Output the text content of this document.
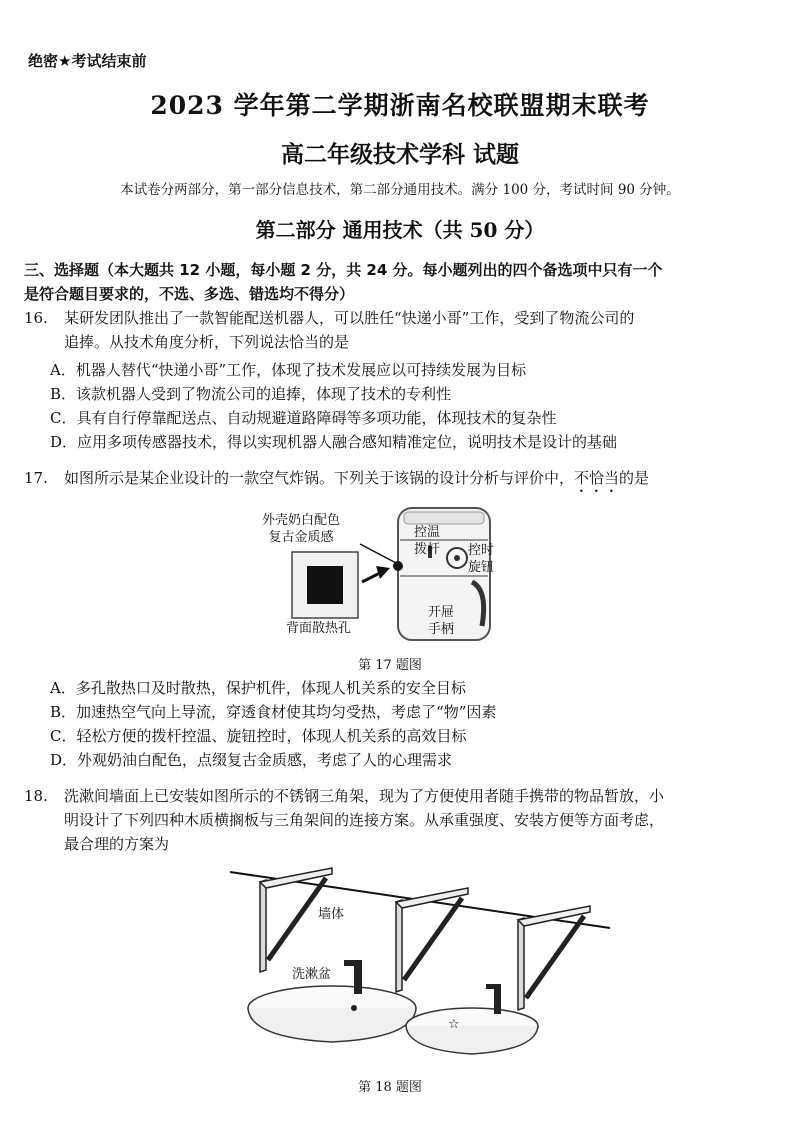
绝密★考试结束前
2023 学年第二学期浙南名校联盟期末联考
高二年级技术学科 试题
本试卷分两部分，第一部分信息技术，第二部分通用技术。满分 100 分，考试时间 90 分钟。
第二部分 通用技术（共 50 分）
三、选择题（本大题共 12 小题，每小题 2 分，共 24 分。每小题列出的四个备选项中只有一个
是符合题目要求的，不选、多选、错选均不得分）
16. 某研发团队推出了一款智能配送机器人，可以胜任“快递小哥”工作，受到了物流公司的
追捧。从技术角度分析，下列说法恰当的是
A．机器人替代“快递小哥”工作，体现了技术发展应以可持续发展为目标
B．该款机器人受到了物流公司的追捧，体现了技术的专利性
C．具有自行停靠配送点、自动规避道路障碍等多项功能，体现技术的复杂性
D．应用多项传感器技术，得以实现机器人融合感知精准定位，说明技术是设计的基础
17. 如图所示是某企业设计的一款空气炸锅。下列关于该锅的设计分析与评价中，不恰当的是
外壳奶白配色
复古金质感	控温
拨杆 控时
旋钮
开屉
手柄
背面散热孔
第 17 题图
A．多孔散热口及时散热，保护机件，体现人机关系的安全目标
B．加速热空气向上导流，穿透食材使其均匀受热，考虑了“物”因素
C．轻松方便的拨杆控温、旋钮控时，体现人机关系的高效目标
D．外观奶油白配色，点缀复古金质感，考虑了人的心理需求
18. 洗漱间墙面上已安装如图所示的不锈钢三角架，现为了方便使用者随手携带的物品暂放，小
明设计了下列四种木质横搁板与三角架间的连接方案。从承重强度、安装方便等方面考虑，
最合理的方案为
☆
墙体
洗漱盆
第 18 题图
